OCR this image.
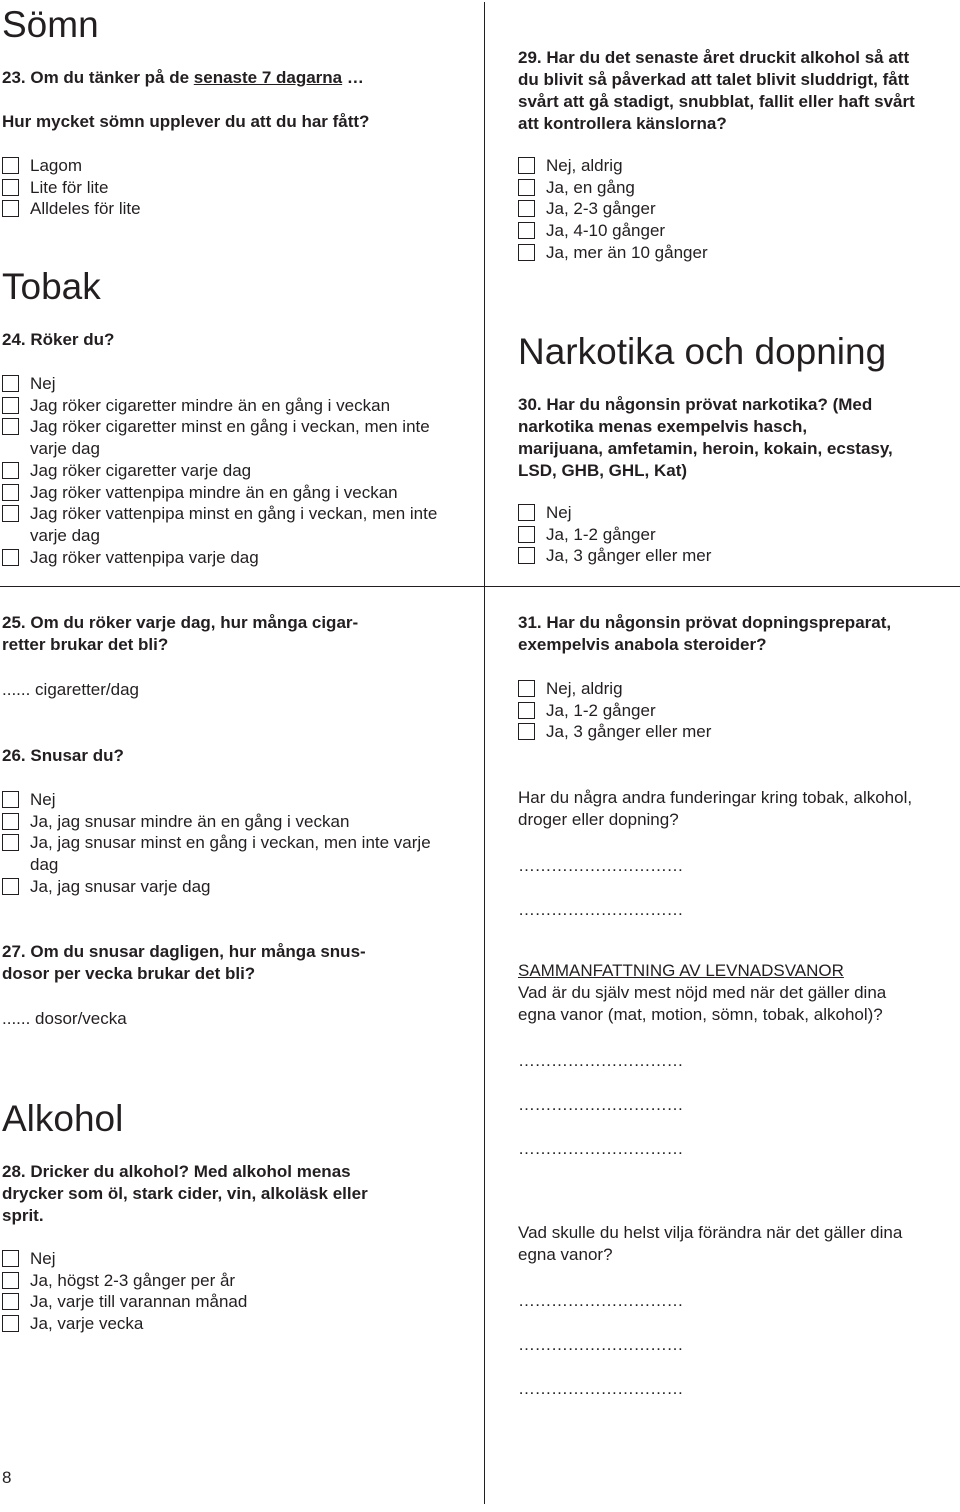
Sömn
23. Om du tänker på de senaste 7 dagarna …
Hur mycket sömn upplever du att du har fått?
Lagom
Lite för lite
Alldeles för lite
Tobak
24. Röker du?
Nej
Jag röker cigaretter mindre än en gång i veckan
Jag röker cigaretter minst en gång i veckan, men inte varje dag
Jag röker cigaretter varje dag
Jag röker vattenpipa mindre än en gång i veckan
Jag röker vattenpipa minst en gång i veckan, men inte varje dag
Jag röker vattenpipa varje dag
25. Om du röker varje dag, hur många cigar-
retter brukar det bli?
...... cigaretter/dag
26. Snusar du?
Nej
Ja, jag snusar mindre än en gång i veckan
Ja, jag snusar minst en gång i veckan, men inte varje dag
Ja, jag snusar varje dag
27. Om du snusar dagligen, hur många snus-
dosor per vecka brukar det bli?
...... dosor/vecka
Alkohol
28. Dricker du alkohol? Med alkohol menas
drycker som öl, stark cider, vin, alkoläsk eller
sprit.
Nej
Ja, högst 2-3 gånger per år
Ja, varje till varannan månad
Ja, varje vecka
8
29. Har du det senaste året druckit alkohol så att
du blivit så påverkad att talet blivit sluddrigt, fått
svårt att gå stadigt, snubblat, fallit eller haft svårt
att kontrollera känslorna?
Nej, aldrig
Ja, en gång
Ja, 2-3 gånger
Ja, 4-10 gånger
Ja, mer än 10 gånger
Narkotika och dopning
30. Har du någonsin prövat narkotika? (Med
narkotika menas exempelvis hasch,
marijuana, amfetamin, heroin, kokain, ecstasy,
LSD, GHB, GHL, Kat)
Nej
Ja, 1-2 gånger
Ja, 3 gånger eller mer
31. Har du någonsin prövat dopningspreparat,
exempelvis anabola steroider?
Nej, aldrig
Ja, 1-2 gånger
Ja, 3 gånger eller mer
Har du några andra funderingar kring tobak, alkohol,
droger eller dopning?
…………………………
…………………………
SAMMANFATTNING AV LEVNADSVANOR
Vad är du själv mest nöjd med när det gäller dina
egna vanor (mat, motion, sömn, tobak, alkohol)?
…………………………
…………………………
…………………………
Vad skulle du helst vilja förändra när det gäller dina
egna vanor?
…………………………
…………………………
…………………………
